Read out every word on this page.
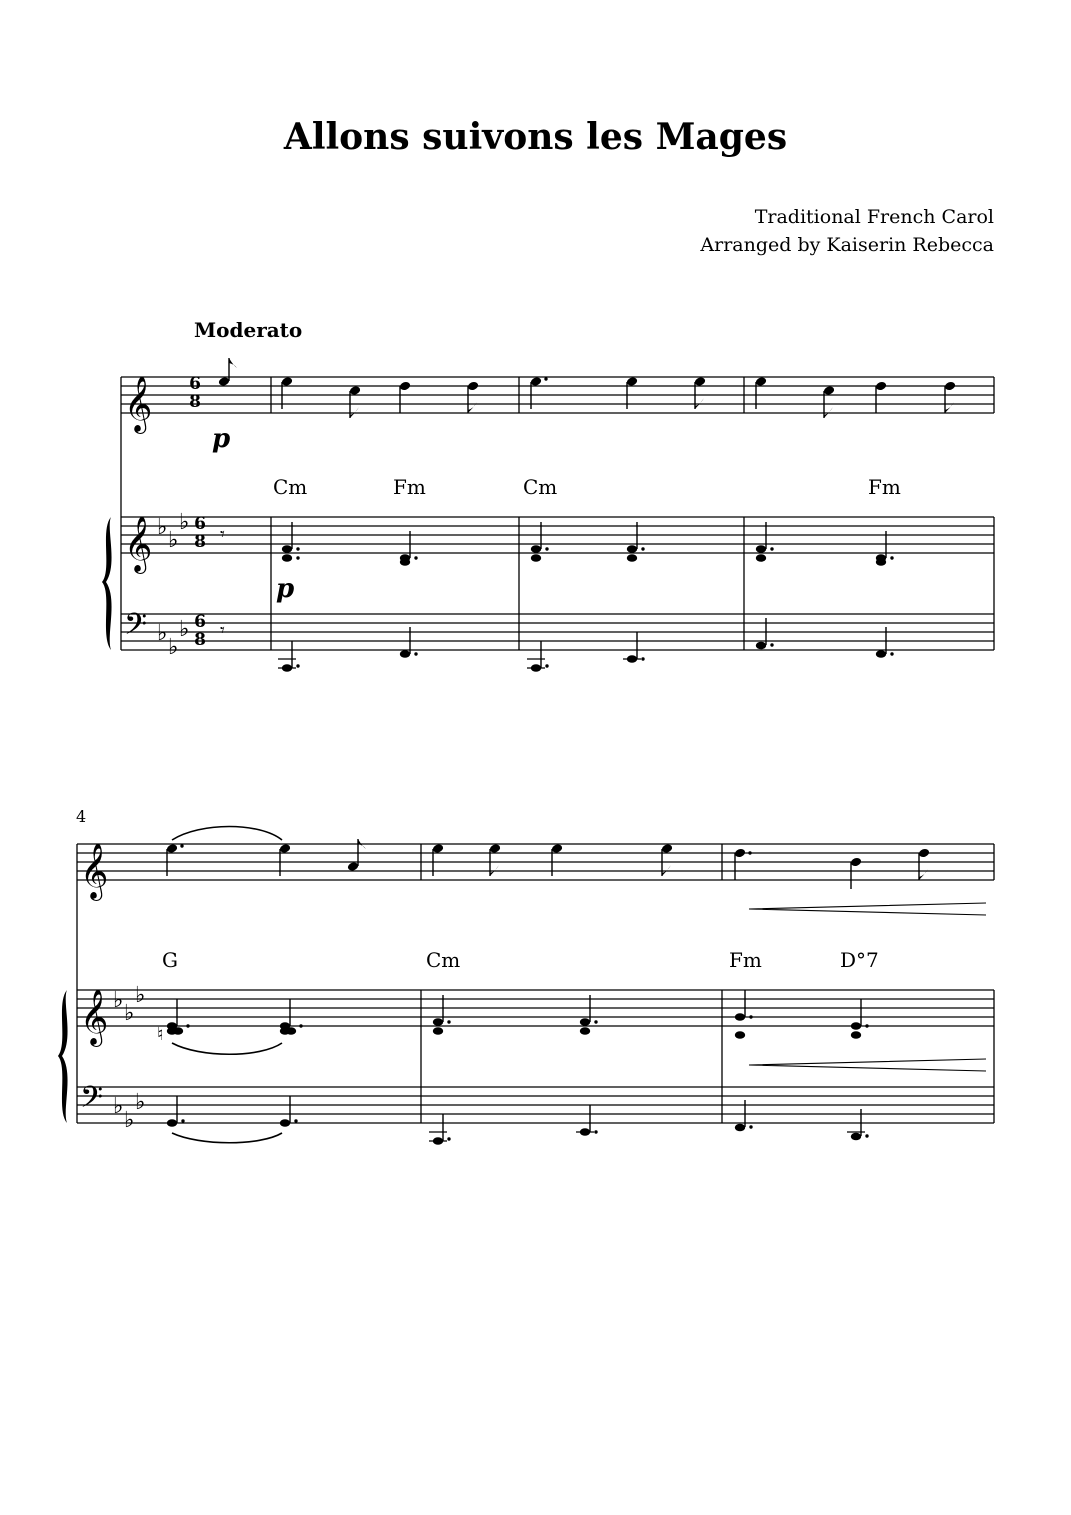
Allons suivons les Mages
Traditional French Carol
Arranged by Kaiserin Rebecca
Moderato
𝄞 6
8
p
Cm	Fm	Cm	Fm
𝄞 ♭
♭
♭ 6
8 𝄾
𝄢 ♭
♭
♭ 6
8 𝄾
p
4
𝄞
G	Cm	Fm	D°7
𝄞 ♭
♭
♭
𝄢 ♭
♭
♭
♮
